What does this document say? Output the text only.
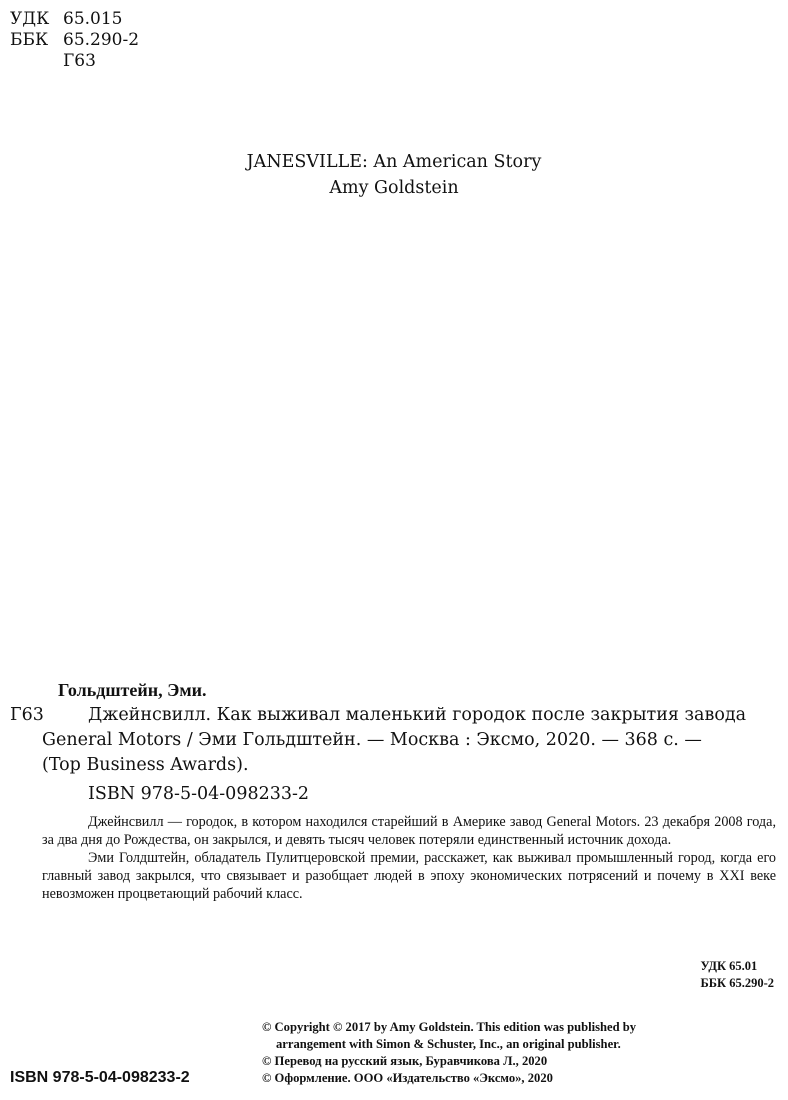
УДК 65.015
ББК 65.290-2
Г63
JANESVILLE: An American Story
Amy Goldstein
Гольдштейн, Эми.
Г63	Джейнсвилл. Как выживал маленький городок после закрытия завода
General Motors / Эми Гольдштейн. — Москва : Эксмо, 2020. — 368 с. —
(Top Business Awards).
ISBN 978-5-04-098233-2

Джейнсвилл — городок, в котором находился старейший в Америке завод General Motors. 23 декабря 2008 года, за два дня до Рождества, он закрылся, и девять тысяч человек потеряли единственный источник дохода.

Эми Голдштейн, обладатель Пулитцеровской премии, расскажет, как выживал промышленный город, когда его главный завод закрылся, что связывает и разобщает людей в эпоху экономических потрясений и почему в XXI веке невозможен процветающий рабочий класс.

УДК 65.01
ББК 65.290-2

© Copyright © 2017 by Amy Goldstein. This edition was published by

arrangement with Simon & Schuster, Inc., an original publisher.

© Перевод на русский язык, Буравчикова Л., 2020

© Оформление. ООО «Издательство «Эксмо», 2020

ISBN 978-5-04-098233-2
